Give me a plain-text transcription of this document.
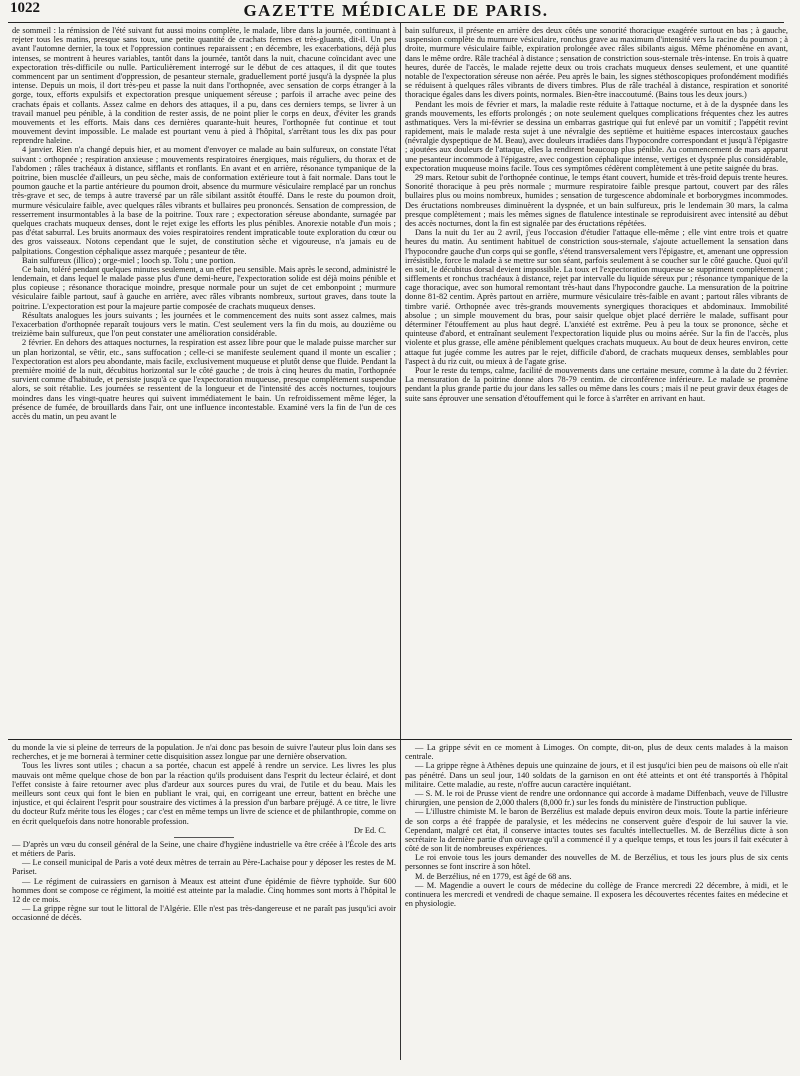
1022	GAZETTE MÉDICALE DE PARIS.

de sommeil : la rémission de l'été suivant fut aussi moins complète, le malade, libre dans la journée, continuant à rejeter tous les matins, presque sans toux, une petite quantité de crachats fermes et très-gluants, dit-il. Un peu avant l'automne dernier, la toux et l'oppression continues reparaissent ; en décembre, les exacerbations, déjà plus intenses, se montrent à heures variables, tantôt dans la journée, tantôt dans la nuit, chacune coïncidant avec une expectoration très-difficile ou nulle. Particulièrement interrogé sur le début de ces attaques, il dit que toutes commencent par un sentiment d'oppression, de pesanteur sternale, graduellement porté jusqu'à la dyspnée la plus intense. Depuis un mois, il dort très-peu et passe la nuit dans l'orthopnée, avec sensation de corps étranger à la gorge, toux, efforts expulsifs et expectoration presque uniquement séreuse ; parfois il arrache avec peine des crachats épais et collants. Assez calme en dehors des attaques, il a pu, dans ces derniers temps, se livrer à un travail manuel peu pénible, à la condition de rester assis, de ne point plier le corps en deux, d'éviter les grands mouvements et les efforts. Mais dans ces dernières quarante-huit heures, l'orthopnée fut continue et tout mouvement devint impossible. Le malade est pourtant venu à pied à l'hôpital, s'arrêtant tous les dix pas pour reprendre haleine.

4 janvier. Rien n'a changé depuis hier, et au moment d'envoyer ce malade au bain sulfureux, on constate l'état suivant : orthopnée ; respiration anxieuse ; mouvements respiratoires énergiques, mais réguliers, du thorax et de l'abdomen ; râles trachéaux à distance, sifflants et ronflants. En avant et en arrière, résonance tympanique de la poitrine, bien musclée d'ailleurs, un peu sèche, mais de conformation extérieure tout à fait normale. Dans tout le poumon gauche et la partie antérieure du poumon droit, absence du murmure vésiculaire remplacé par un ronchus très-grave et sec, de temps à autre traversé par un râle sibilant assitôt étouffé. Dans le reste du poumon droit, murmure vésiculaire faible, avec quelques râles vibrants et bullaires peu prononcés. Sensation de compression, de resserrement insurmontables à la base de la poitrine. Toux rare ; expectoration séreuse abondante, surnagée par quelques crachats muqueux denses, dont le rejet exige les efforts les plus pénibles. Anorexie notable d'un mois ; pas d'état saburral. Les bruits anormaux des voies respiratoires rendent impraticable toute exploration du cœur ou des gros vaisseaux. Notons cependant que le sujet, de constitution sèche et vigoureuse, n'a jamais eu de palpitations. Congestion céphalique assez marquée ; pesanteur de tête.

Bain sulfureux (illico) ; orge-miel ; looch sp. Tolu ; une portion.

Ce bain, toléré pendant quelques minutes seulement, a un effet peu sensible. Mais après le second, administré le lendemain, et dans lequel le malade passe plus d'une demi-heure, l'expectoration solide est déjà moins pénible et plus copieuse ; résonance thoracique moindre, presque normale pour un sujet de cet embonpoint ; murmure vésiculaire faible partout, sauf à gauche en arrière, avec râles vibrants nombreux, surtout graves, dans toute la poitrine. L'expectoration est pour la majeure partie composée de crachats muqueux denses.

Résultats analogues les jours suivants ; les journées et le commencement des nuits sont assez calmes, mais l'exacerbation d'orthopnée reparaît toujours vers le matin. C'est seulement vers la fin du mois, au douzième ou treizième bain sulfureux, que l'on peut constater une amélioration considérable.

2 février. En dehors des attaques nocturnes, la respiration est assez libre pour que le malade puisse marcher sur un plan horizontal, se vêtir, etc., sans suffocation ; celle-ci se manifeste seulement quand il monte un escalier ; l'expectoration est alors peu abondante, mais facile, exclusivement muqueuse et plutôt dense que fluide. Pendant la première moitié de la nuit, décubitus horizontal sur le côté gauche ; de trois à cinq heures du matin, l'orthopnée survient comme d'habitude, et persiste jusqu'à ce que l'expectoration muqueuse, presque complètement suspendue alors, se soit rétablie. Les journées se ressentent de la longueur et de l'intensité des accès nocturnes, toujours moindres dans les vingt-quatre heures qui suivent immédiatement le bain. Un refroidissement même léger, la présence de fumée, de brouillards dans l'air, ont une influence incontestable. Examiné vers la fin de l'un de ces accès du matin, un peu avant le

bain sulfureux, il présente en arrière des deux côtés une sonorité thoracique exagérée surtout en bas ; à gauche, suspension complète du murmure vésiculaire, ronchus grave au maximum d'intensité vers la racine du poumon ; à droite, murmure vésiculaire faible, expiration prolongée avec râles sibilants aigus. Même phénomène en avant, dans le même ordre. Râle trachéal à distance ; sensation de constriction sous-sternale très-intense. En trois à quatre heures, durée de l'accès, le malade rejette deux ou trois crachats muqueux denses seulement, et une quantité notable de l'expectoration séreuse non aérée. Peu après le bain, les signes stéthoscopiques profondément modifiés se réduisent à quelques râles vibrants de divers timbres. Plus de râle trachéal à distance, respiration et sonorité thoracique égales dans les divers points, normales. Bien-être inaccoutumé. (Bains tous les deux jours.)

Pendant les mois de février et mars, la maladie reste réduite à l'attaque nocturne, et à de la dyspnée dans les grands mouvements, les efforts prolongés ; on note seulement quelques complications fréquentes chez les autres asthmatiques. Vers la mi-février se dessina un embarras gastrique qui fut enlevé par un vomitif ; l'appétit revint rapidement, mais le malade resta sujet à une névralgie des septième et huitième espaces intercostaux gauches (névralgie dyspeptique de M. Beau), avec douleurs irradiées dans l'hypocondre correspondant et jusqu'à l'épigastre ; ajoutées aux douleurs de l'attaque, elles la rendirent beaucoup plus pénible. Au commencement de mars apparut une pesanteur incommode à l'épigastre, avec congestion céphalique intense, vertiges et dyspnée plus considérable, expectoration muqueuse moins facile. Tous ces symptômes cédèrent complètement à une petite saignée du bras.

29 mars. Retour subit de l'orthopnée continue, le temps étant couvert, humide et très-froid depuis trente heures. Sonorité thoracique à peu près normale ; murmure respiratoire faible presque partout, couvert par des râles bullaires plus ou moins nombreux, humides ; sensation de turgescence abdominale et borborygmes incommodes. Des éructations nombreuses diminuèrent la dyspnée, et un bain sulfureux, pris le lendemain 30 mars, la calma presque complètement ; mais les mêmes signes de flatulence intestinale se reproduisirent avec intensité au début des accès nocturnes, dont la fin est signalée par des éructations répétées.

Dans la nuit du 1er au 2 avril, j'eus l'occasion d'étudier l'attaque elle-même ; elle vint entre trois et quatre heures du matin. Au sentiment habituel de constriction sous-sternale, s'ajoute actuellement la sensation dans l'hypocondre gauche d'un corps qui se gonfle, s'étend transversalement vers l'épigastre, et, amenant une oppression irrésistible, force le malade à se mettre sur son séant, parfois seulement à se coucher sur le côté gauche. Quoi qu'il en soit, le décubitus dorsal devient impossible. La toux et l'expectoration muqueuse se suppriment complètement ; sifflements et ronchus trachéaux à distance, rejet par intervalle du liquide séreux pur ; résonance tympanique de la cage thoracique, avec son humoral remontant très-haut dans l'hypocondre gauche. La mensuration de la poitrine donne 81-82 centim. Après partout en arrière, murmure vésiculaire très-faible en avant ; partout râles vibrants de timbre varié. Orthopnée avec très-grands mouvements synergiques thoraciques et abdominaux. Immobilité absolue ; un simple mouvement du bras, pour saisir quelque objet placé derrière le malade, suffisant pour déterminer l'étouffement au plus haut degré. L'anxiété est extrême. Peu à peu la toux se prononce, sèche et quinteuse d'abord, et entraînant seulement l'expectoration liquide plus ou moins aérée. Sur la fin de l'accès, plus violente et plus grasse, elle amène péniblement quelques crachats muqueux. Au bout de deux heures environ, cette attaque fut jugée comme les autres par le rejet, difficile d'abord, de crachats muqueux denses, semblables pour l'aspect à du riz cuit, ou mieux à de l'agate grise.

Pour le reste du temps, calme, facilité de mouvements dans une certaine mesure, comme à la date du 2 février. La mensuration de la poitrine donne alors 78-79 centim. de circonférence inférieure. Le malade se promène pendant la plus grande partie du jour dans les salles ou même dans les cours ; mais il ne peut gravir deux étages de suite sans éprouver une sensation d'étouffement qui le force à s'arrêter en arrivant en haut.

du monde la vie si pleine de terreurs de la population. Je n'ai donc pas besoin de suivre l'auteur plus loin dans ses recherches, et je me bornerai à terminer cette disquisition assez longue par une dernière observation.

Tous les livres sont utiles ; chacun a sa portée, chacun est appelé à rendre un service. Les livres les plus mauvais ont même quelque chose de bon par la réaction qu'ils produisent dans l'esprit du lecteur éclairé, et dont l'effet consiste à faire retourner avec plus d'ardeur aux sources pures du vrai, de l'utile et du beau. Mais les meilleurs sont ceux qui font le bien en publiant le vrai, qui, en corrigeant une erreur, battent en brèche une injustice, et qui éclairent l'esprit pour soustraire des victimes à la pression d'un barbare préjugé. A ce titre, le livre du docteur Rufz mérite tous les éloges ; car c'est en même temps un livre de science et de philanthropie, comme on en écrit quelquefois dans notre honorable profession.

Dr Ed. C.

— D'après un vœu du conseil général de la Seine, une chaire d'hygiène industrielle va être créée à l'École des arts et métiers de Paris.

— Le conseil municipal de Paris a voté deux mètres de terrain au Père-Lachaise pour y déposer les restes de M. Pariset.

— Le régiment de cuirassiers en garnison à Meaux est atteint d'une épidémie de fièvre typhoïde. Sur 600 hommes dont se compose ce régiment, la moitié est atteinte par la maladie. Cinq hommes sont morts à l'hôpital le 12 de ce mois.

— La grippe règne sur tout le littoral de l'Algérie. Elle n'est pas très-dangereuse et ne paraît pas jusqu'ici avoir occasionné de décès.

— La grippe sévit en ce moment à Limoges. On compte, dit-on, plus de deux cents malades à la maison centrale.

— La grippe règne à Athènes depuis une quinzaine de jours, et il est jusqu'ici bien peu de maisons où elle n'ait pas pénétré. Dans un seul jour, 140 soldats de la garnison en ont été atteints et ont été transportés à l'hôpital militaire. Cette maladie, au reste, n'offre aucun caractère inquiétant.

— S. M. le roi de Prusse vient de rendre une ordonnance qui accorde à madame Diffenbach, veuve de l'illustre chirurgien, une pension de 2,000 thalers (8,000 fr.) sur les fonds du ministère de l'instruction publique.

— L'illustre chimiste M. le baron de Berzélius est malade depuis environ deux mois. Toute la partie inférieure de son corps a été frappée de paralysie, et les médecins ne conservent guère d'espoir de lui sauver la vie. Cependant, malgré cet état, il conserve intactes toutes ses facultés intellectuelles. M. de Berzélius dicte à son secrétaire la dernière partie d'un ouvrage qu'il a commencé il y a quelque temps, et tous les jours il fait exécuter à côté de son lit de nombreuses expériences.

Le roi envoie tous les jours demander des nouvelles de M. de Berzélius, et tous les jours plus de six cents personnes se font inscrire à son hôtel.

M. de Berzélius, né en 1779, est âgé de 68 ans.

— M. Magendie a ouvert le cours de médecine du collège de France mercredi 22 décembre, à midi, et le continuera les mercredi et vendredi de chaque semaine. Il exposera les découvertes récentes faites en médecine et en physiologie.
